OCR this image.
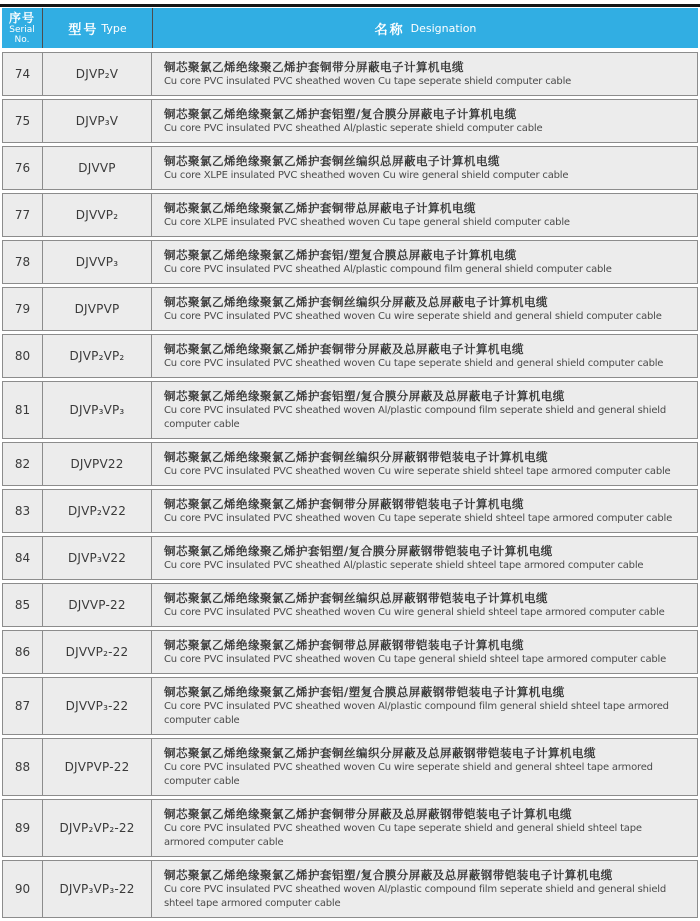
序号
Serial
No.
型号 Type	名称 Designation
74	DJVP₂V	铜芯聚氯乙烯绝缘聚乙烯护套铜带分屏蔽电子计算机电缆
Cu core PVC insulated PVC sheathed woven Cu tape seperate shield computer cable
75	DJVP₃V	铜芯聚氯乙烯绝缘聚氯乙烯护套铝塑/复合膜分屏蔽电子计算机电缆
Cu core PVC insulated PVC sheathed Al/plastic seperate shield computer cable
76	DJVVP	铜芯聚氯乙烯绝缘聚氯乙烯护套铜丝编织总屏蔽电子计算机电缆
Cu core XLPE insulated PVC sheathed woven Cu wire general shield computer cable
77	DJVVP₂	铜芯聚氯乙烯绝缘聚氯乙烯护套铜带总屏蔽电子计算机电缆
Cu core XLPE insulated PVC sheathed woven Cu tape general shield computer cable
78	DJVVP₃	铜芯聚氯乙烯绝缘聚氯乙烯护套铝/塑复合膜总屏蔽电子计算机电缆
Cu core PVC insulated PVC sheathed Al/plastic compound film general shield computer cable
79	DJVPVP	铜芯聚氯乙烯绝缘聚氯乙烯护套铜丝编织分屏蔽及总屏蔽电子计算机电缆
Cu core PVC insulated PVC sheathed woven Cu wire seperate shield and general shield computer cable
80	DJVP₂VP₂	铜芯聚氯乙烯绝缘聚氯乙烯护套铜带分屏蔽及总屏蔽电子计算机电缆
Cu core PVC insulated PVC sheathed woven Cu tape seperate shield and general shield computer cable
81	DJVP₃VP₃
铜芯聚氯乙烯绝缘聚氯乙烯护套铝塑/复合膜分屏蔽及总屏蔽电子计算机电缆
Cu core PVC insulated PVC sheathed woven Al/plastic compound film seperate shield and general shield computer cable
82	DJVPV22	铜芯聚氯乙烯绝缘聚氯乙烯护套铜丝编织分屏蔽钢带铠装电子计算机电缆
Cu core PVC insulated PVC sheathed woven Cu wire seperate shield shteel tape armored computer cable
83	DJVP₂V22	铜芯聚氯乙烯绝缘聚氯乙烯护套铜带分屏蔽钢带铠装电子计算机电缆
Cu core PVC insulated PVC sheathed woven Cu tape seperate shield shteel tape armored computer cable
84	DJVP₃V22	铜芯聚氯乙烯绝缘聚乙烯护套铝塑/复合膜分屏蔽钢带铠装电子计算机电缆
Cu core PVC insulated PVC sheathed Al/plastic seperate shield shteel tape armored computer cable
85	DJVVP-22	铜芯聚氯乙烯绝缘聚氯乙烯护套铜丝编织总屏蔽钢带铠装电子计算机电缆
Cu core PVC insulated PVC sheathed woven Cu wire general shield shteel tape armored computer cable
86	DJVVP₂-22	铜芯聚氯乙烯绝缘聚氯乙烯护套铜带总屏蔽钢带铠装电子计算机电缆
Cu core PVC insulated PVC sheathed woven Cu tape general shield shteel tape armored computer cable
87	DJVVP₃-22
铜芯聚氯乙烯绝缘聚氯乙烯护套铝/塑复合膜总屏蔽钢带铠装电子计算机电缆
Cu core PVC insulated PVC sheathed woven Al/plastic compound film general shield shteel tape armored computer cable
88	DJVPVP-22
铜芯聚氯乙烯绝缘聚氯乙烯护套铜丝编织分屏蔽及总屏蔽钢带铠装电子计算机电缆
Cu core PVC insulated PVC sheathed woven Cu wire seperate shield and general shteel tape armored computer cable
89	DJVP₂VP₂-22
铜芯聚氯乙烯绝缘聚氯乙烯护套铜带分屏蔽及总屏蔽钢带铠装电子计算机电缆
Cu core PVC insulated PVC sheathed woven Cu tape seperate shield and general shield shteel tape armored computer cable
90	DJVP₃VP₃-22
铜芯聚氯乙烯绝缘聚氯乙烯护套铝塑/复合膜分屏蔽及总屏蔽钢带铠装电子计算机电缆
Cu core PVC insulated PVC sheathed woven Al/plastic compound film seperate shield and general shield shteel tape armored computer cable
